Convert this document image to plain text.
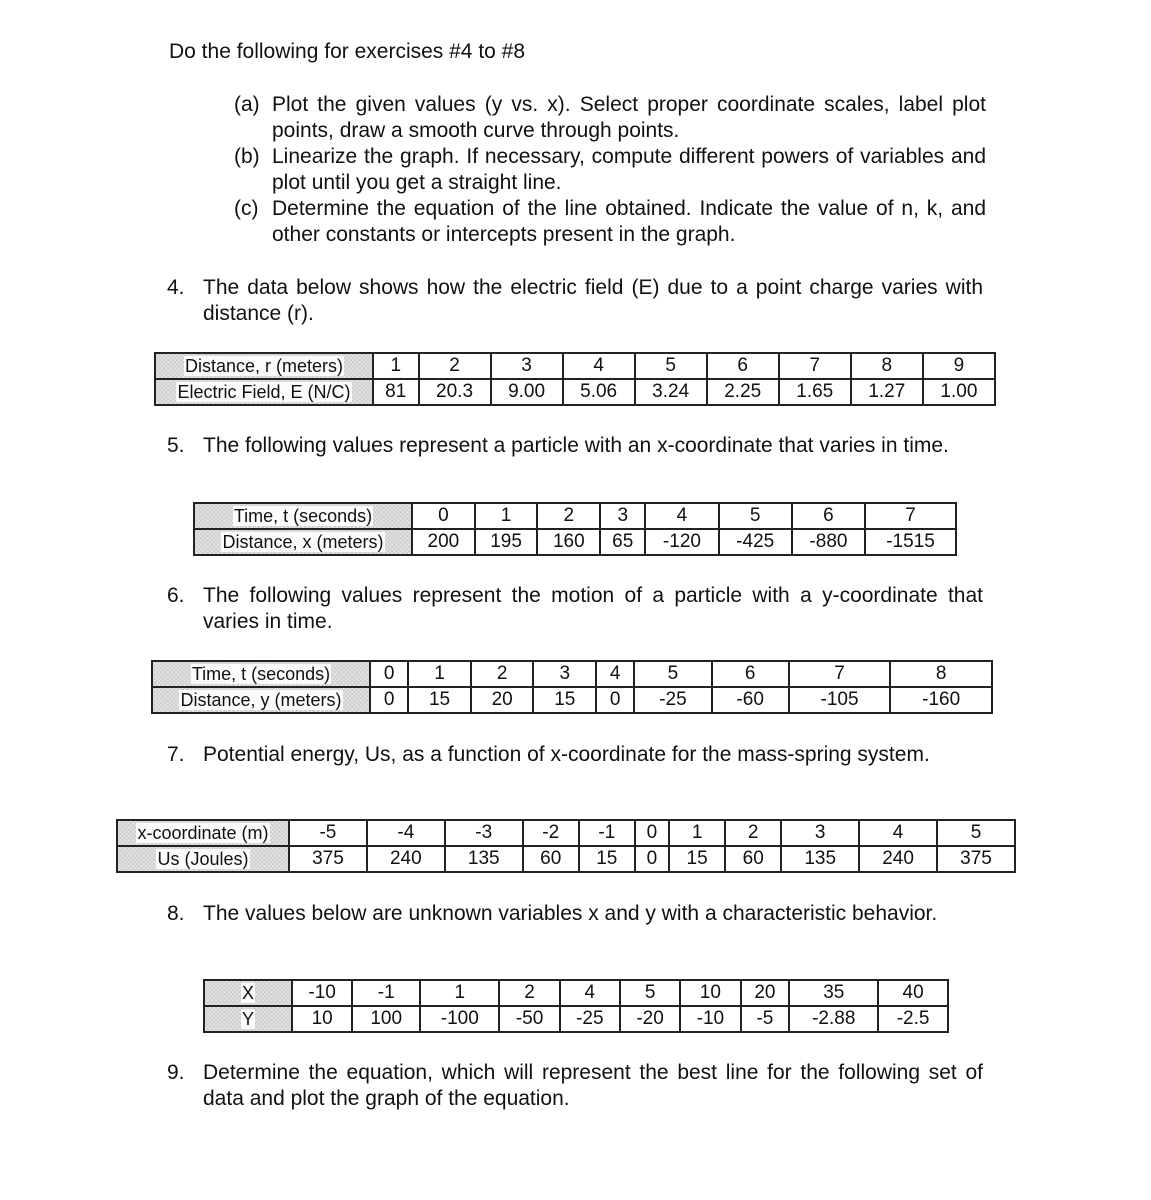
Do the following for exercises #4 to #8
(a) Plot the given values (y vs. x). Select proper coordinate scales, label plot points, draw a smooth curve through points.
(b) Linearize the graph. If necessary, compute different powers of variables and plot until you get a straight line.
(c) Determine the equation of the line obtained. Indicate the value of n, k, and other constants or intercepts present in the graph.
4. The data below shows how the electric field (E) due to a point charge varies with distance (r).
Distance, r (meters)	1	2	3	4	5	6	7	8	9
Electric Field, E (N/C)	81	20.3	9.00	5.06	3.24	2.25	1.65	1.27	1.00
5. The following values represent a particle with an x-coordinate that varies in time.
Time, t (seconds)	0	1	2	3	4	5	6	7
Distance, x (meters)	200	195	160	65	-120	-425	-880	-1515
6. The following values represent the motion of a particle with a y-coordinate that varies in time.
Time, t (seconds)	0	1	2	3	4	5	6	7	8
Distance, y (meters)	0	15	20	15	0	-25	-60	-105	-160
7. Potential energy, Us, as a function of x-coordinate for the mass-spring system.
x-coordinate (m)	-5	-4	-3	-2	-1	0	1	2	3	4	5
Us (Joules)	375	240	135	60	15	0	15	60	135	240	375
8. The values below are unknown variables x and y with a characteristic behavior.
X	-10	-1	1	2	4	5	10	20	35	40
Y	10	100	-100	-50	-25	-20	-10	-5	-2.88	-2.5
9. Determine the equation, which will represent the best line for the following set of data and plot the graph of the equation.
